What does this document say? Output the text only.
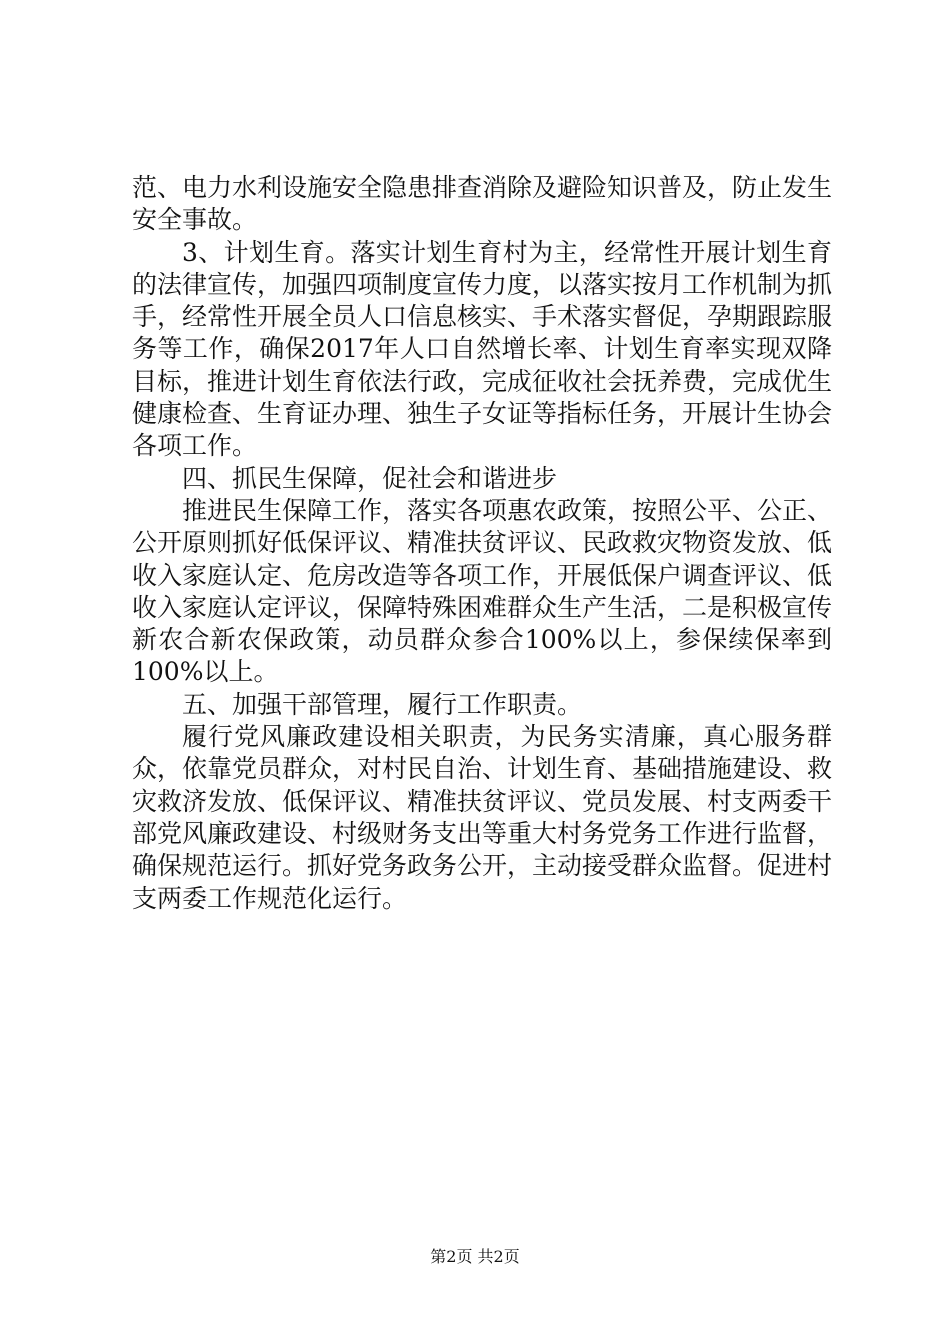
范、电力水利设施安全隐患排查消除及避险知识普及，防止发生安全事故。

3、计划生育。落实计划生育村为主，经常性开展计划生育的法律宣传，加强四项制度宣传力度，以落实按月工作机制为抓手，经常性开展全员人口信息核实、手术落实督促，孕期跟踪服务等工作，确保2017年人口自然增长率、计划生育率实现双降目标，推进计划生育依法行政，完成征收社会抚养费，完成优生健康检查、生育证办理、独生子女证等指标任务，开展计生协会各项工作。

四、抓民生保障，促社会和谐进步

推进民生保障工作，落实各项惠农政策，按照公平、公正、公开原则抓好低保评议、精准扶贫评议、民政救灾物资发放、低收入家庭认定、危房改造等各项工作，开展低保户调查评议、低收入家庭认定评议，保障特殊困难群众生产生活，二是积极宣传新农合新农保政策，动员群众参合100%以上，参保续保率到100%以上。

五、加强干部管理，履行工作职责。

履行党风廉政建设相关职责，为民务实清廉，真心服务群众，依靠党员群众，对村民自治、计划生育、基础措施建设、救灾救济发放、低保评议、精准扶贫评议、党员发展、村支两委干部党风廉政建设、村级财务支出等重大村务党务工作进行监督，确保规范运行。抓好党务政务公开，主动接受群众监督。促进村支两委工作规范化运行。

第2页 共2页
